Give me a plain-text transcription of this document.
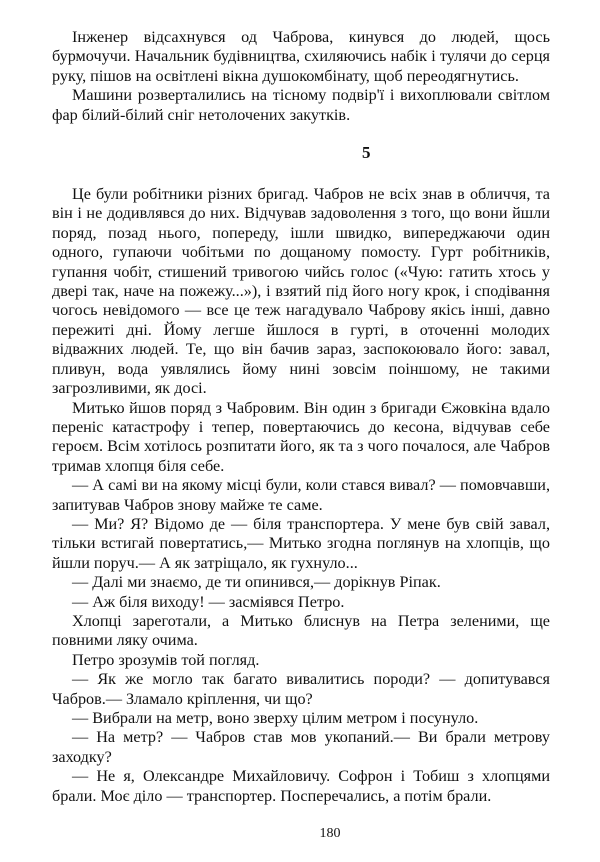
Інженер відсахнувся од Чаброва, кинувся до людей, щось бурмочучи. Начальник будівництва, схиляючись набік і тулячи до серця руку, пішов на освітлені вікна душокомбінату, щоб переодягнутись.

Машини розверталились на тісному подвір'ї і вихоплювали світлом фар білий-білий сніг нетолочених закутків.

5

Це були робітники різних бригад. Чабров не всіх знав в обличчя, та він і не додивлявся до них. Відчував задоволення з того, що вони йшли поряд, позад нього, попереду, ішли швидко, випереджаючи один одного, гупаючи чобітьми по дощаному помосту. Гурт робітників, гупання чобіт, стишений тривогою чийсь голос («Чую: гатить хтось у двері так, наче на пожежу...»), і взятий під його ногу крок, і сподівання чогось невідомого — все це теж нагадувало Чаброву якісь інші, давно пережиті дні. Йому легше йшлося в гурті, в оточенні молодих відважних людей. Те, що він бачив зараз, заспокоювало його: завал, пливун, вода уявлялись йому нині зовсім поіншому, не такими загрозливими, як досі.

Митько йшов поряд з Чабровим. Він один з бригади Єжовкіна вдало переніс катастрофу і тепер, повертаючись до кесона, відчував себе героєм. Всім хотілось розпитати його, як та з чого почалося, але Чабров тримав хлопця біля себе.

— А самі ви на якому місці були, коли стався вивал? — помовчавши, запитував Чабров знову майже те саме.

— Ми? Я? Відомо де — біля транспортера. У мене був свій завал, тільки встигай повертатись,— Митько згодна поглянув на хлопців, що йшли поруч.— А як затріщало, як гухнуло...

— Далі ми знаємо, де ти опинився,— дорікнув Ріпак.

— Аж біля виходу! — засміявся Петро.

Хлопці зареготали, а Митько блиснув на Петра зеленими, ще повними ляку очима.

Петро зрозумів той погляд.

— Як же могло так багато вивалитись породи? — допитувався Чабров.— Зламало кріплення, чи що?

— Вибрали на метр, воно зверху цілим метром і посунуло.

— На метр? — Чабров став мов укопаний.— Ви брали метрову заходку?

— Не я, Олександре Михайловичу. Софрон і Тобиш з хлопцями брали. Моє діло — транспортер. Посперечались, а потім брали.

180
